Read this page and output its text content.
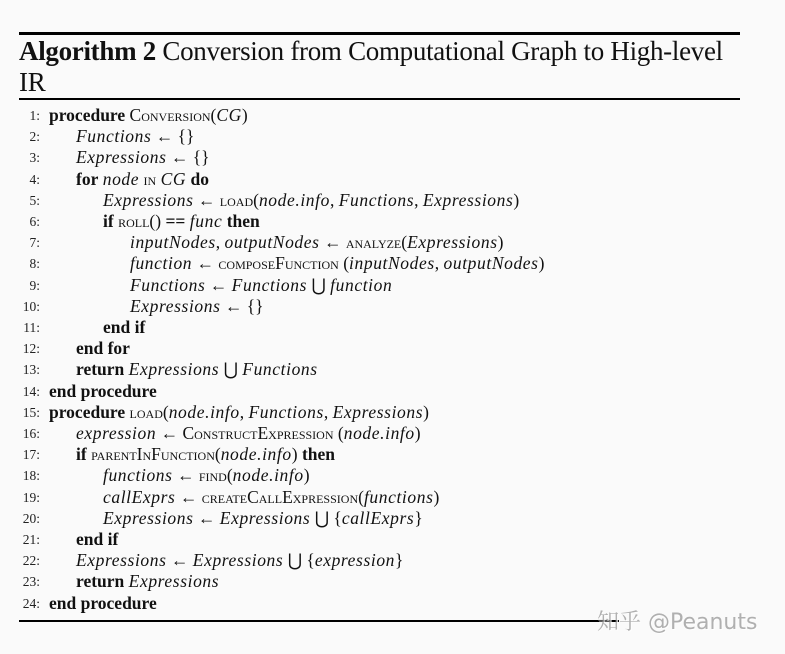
Algorithm 2 Conversion from Computational Graph to High-level
IR
1: procedure Conversion(CG)
2: Functions ← {}
3: Expressions ← {}
4: for node in CG do
5:	Expressions ← load(node.info, Functions, Expressions)
6:	if roll() == func then
7:	inputNodes, outputNodes ← analyze(Expressions)
8:	function ← composeFunction (inputNodes, outputNodes)
9:	Functions ← Functions ⋃ function
10:	Expressions ← {}
11:	end if
12: end for
13: return Expressions ⋃ Functions
14: end procedure
15: procedure load(node.info, Functions, Expressions)
16: expression ← ConstructExpression (node.info)
17: if parentInFunction(node.info) then
18:	functions ← find(node.info)
19:	callExprs ← createCallExpression(functions)
20:	Expressions ← Expressions ⋃ {callExprs}
21: end if
22: Expressions ← Expressions ⋃ {expression}
23: return Expressions
24: end procedure
知乎 @Peanuts
